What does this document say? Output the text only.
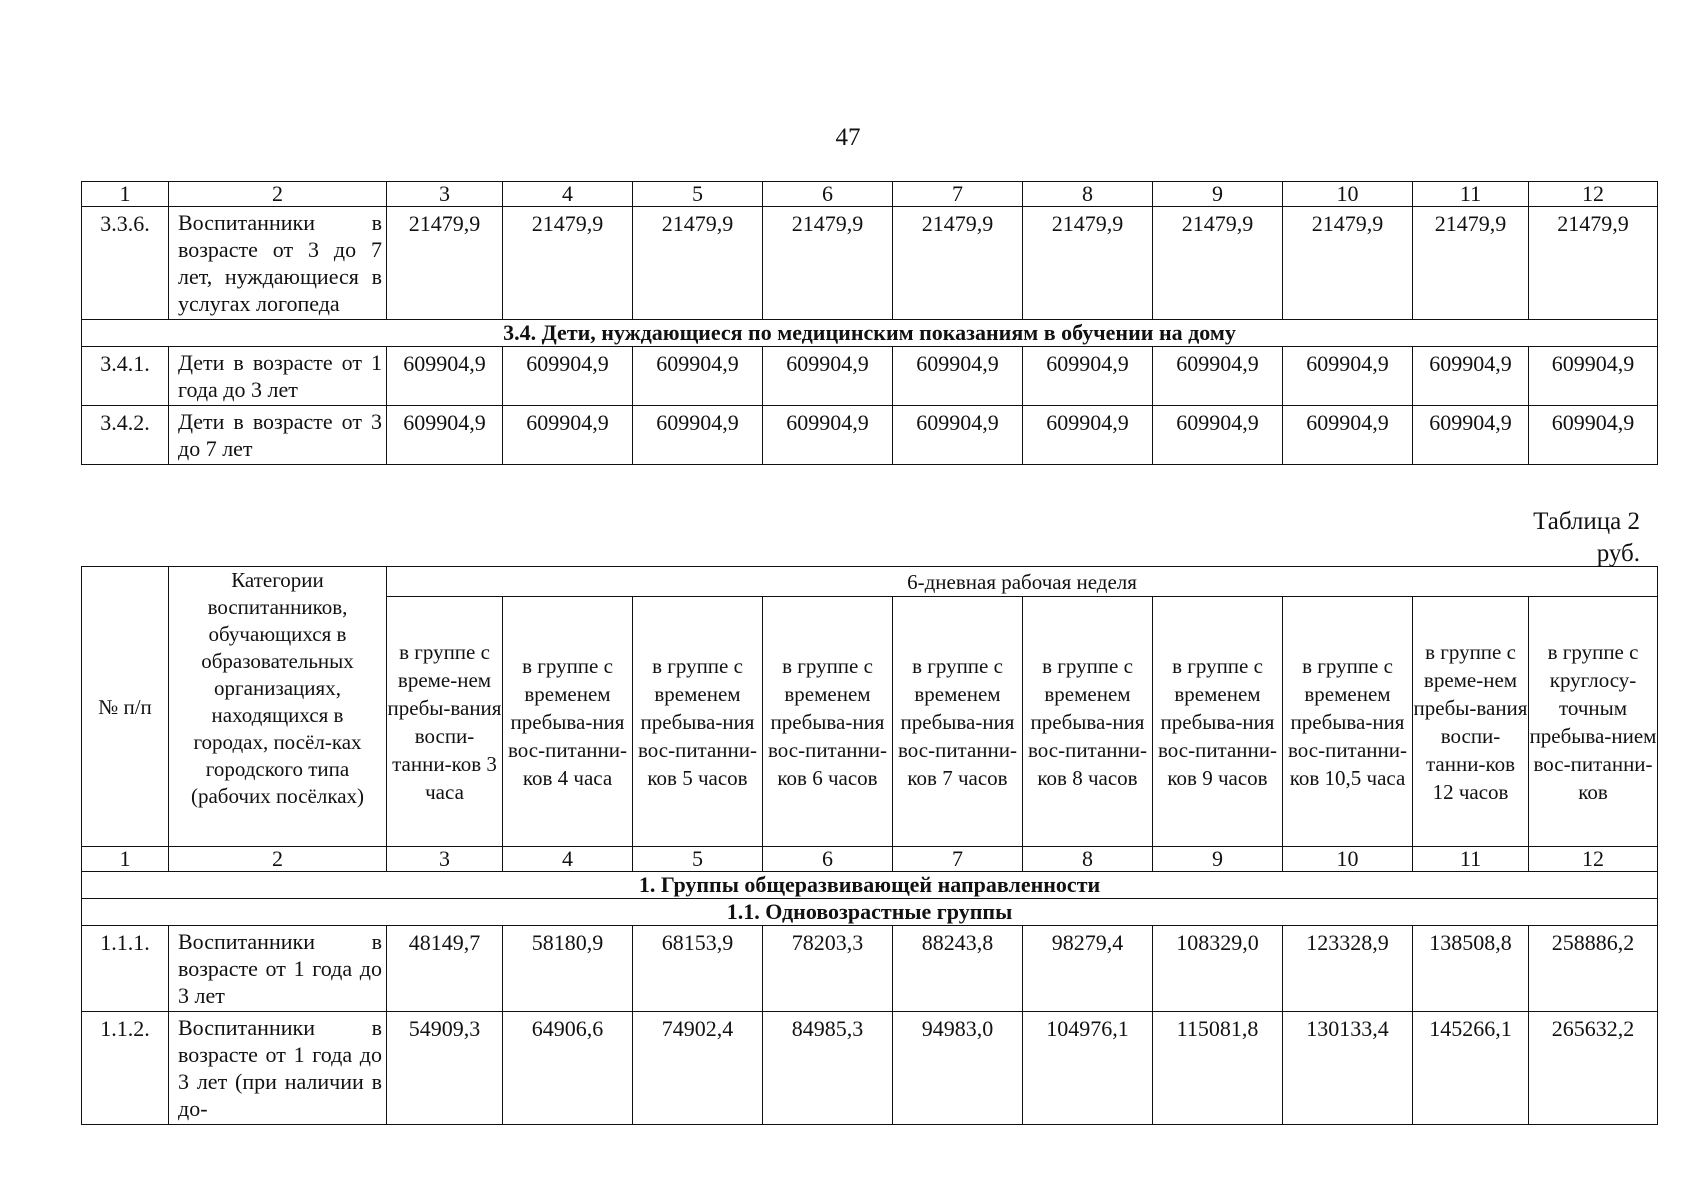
47
1	2	3	4	5	6	7	8	9	10	11	12
3.3.6.	Воспитанники в возрасте от 3 до 7 лет, нуждающиеся в услугах логопеда	21479,9	21479,9	21479,9	21479,9	21479,9	21479,9	21479,9	21479,9	21479,9	21479,9
3.4. Дети, нуждающиеся по медицинским показаниям в обучении на дому											
3.4.1.	Дети в возрасте от 1 года до 3 лет	609904,9	609904,9	609904,9	609904,9	609904,9	609904,9	609904,9	609904,9	609904,9	609904,9
3.4.2.	Дети в возрасте от 3 до 7 лет	609904,9	609904,9	609904,9	609904,9	609904,9	609904,9	609904,9	609904,9	609904,9	609904,9
Таблица 2
руб.
№ п/п	Категории воспитанников, обучающихся в образовательных организациях, находящихся в городах, посёл-ках городского типа (рабочих посёлках)	6-дневная рабочая неделя									
		в группе с време-нем пребы-вания воспи-танни-ков 3 часа	в группе с временем пребыва-ния вос-питанни-ков 4 часа	в группе с временем пребыва-ния вос-питанни-ков 5 часов	в группе с временем пребыва-ния вос-питанни-ков 6 часов	в группе с временем пребыва-ния вос-питанни-ков 7 часов	в группе с временем пребыва-ния вос-питанни-ков 8 часов	в группе с временем пребыва-ния вос-питанни-ков 9 часов	в группе с временем пребыва-ния вос-питанни-ков 10,5 часа	в группе с време-нем пребы-вания воспи-танни-ков 12 часов	в группе с круглосу-точным пребыва-нием вос-питанни-ков
1	2	3	4	5	6	7	8	9	10	11	12
1. Группы общеразвивающей направленности											
1.1. Одновозрастные группы											
1.1.1.	Воспитанники в возрасте от 1 года до 3 лет	48149,7	58180,9	68153,9	78203,3	88243,8	98279,4	108329,0	123328,9	138508,8	258886,2
1.1.2.	Воспитанники в возрасте от 1 года до 3 лет (при наличии в до-	54909,3	64906,6	74902,4	84985,3	94983,0	104976,1	115081,8	130133,4	145266,1	265632,2
